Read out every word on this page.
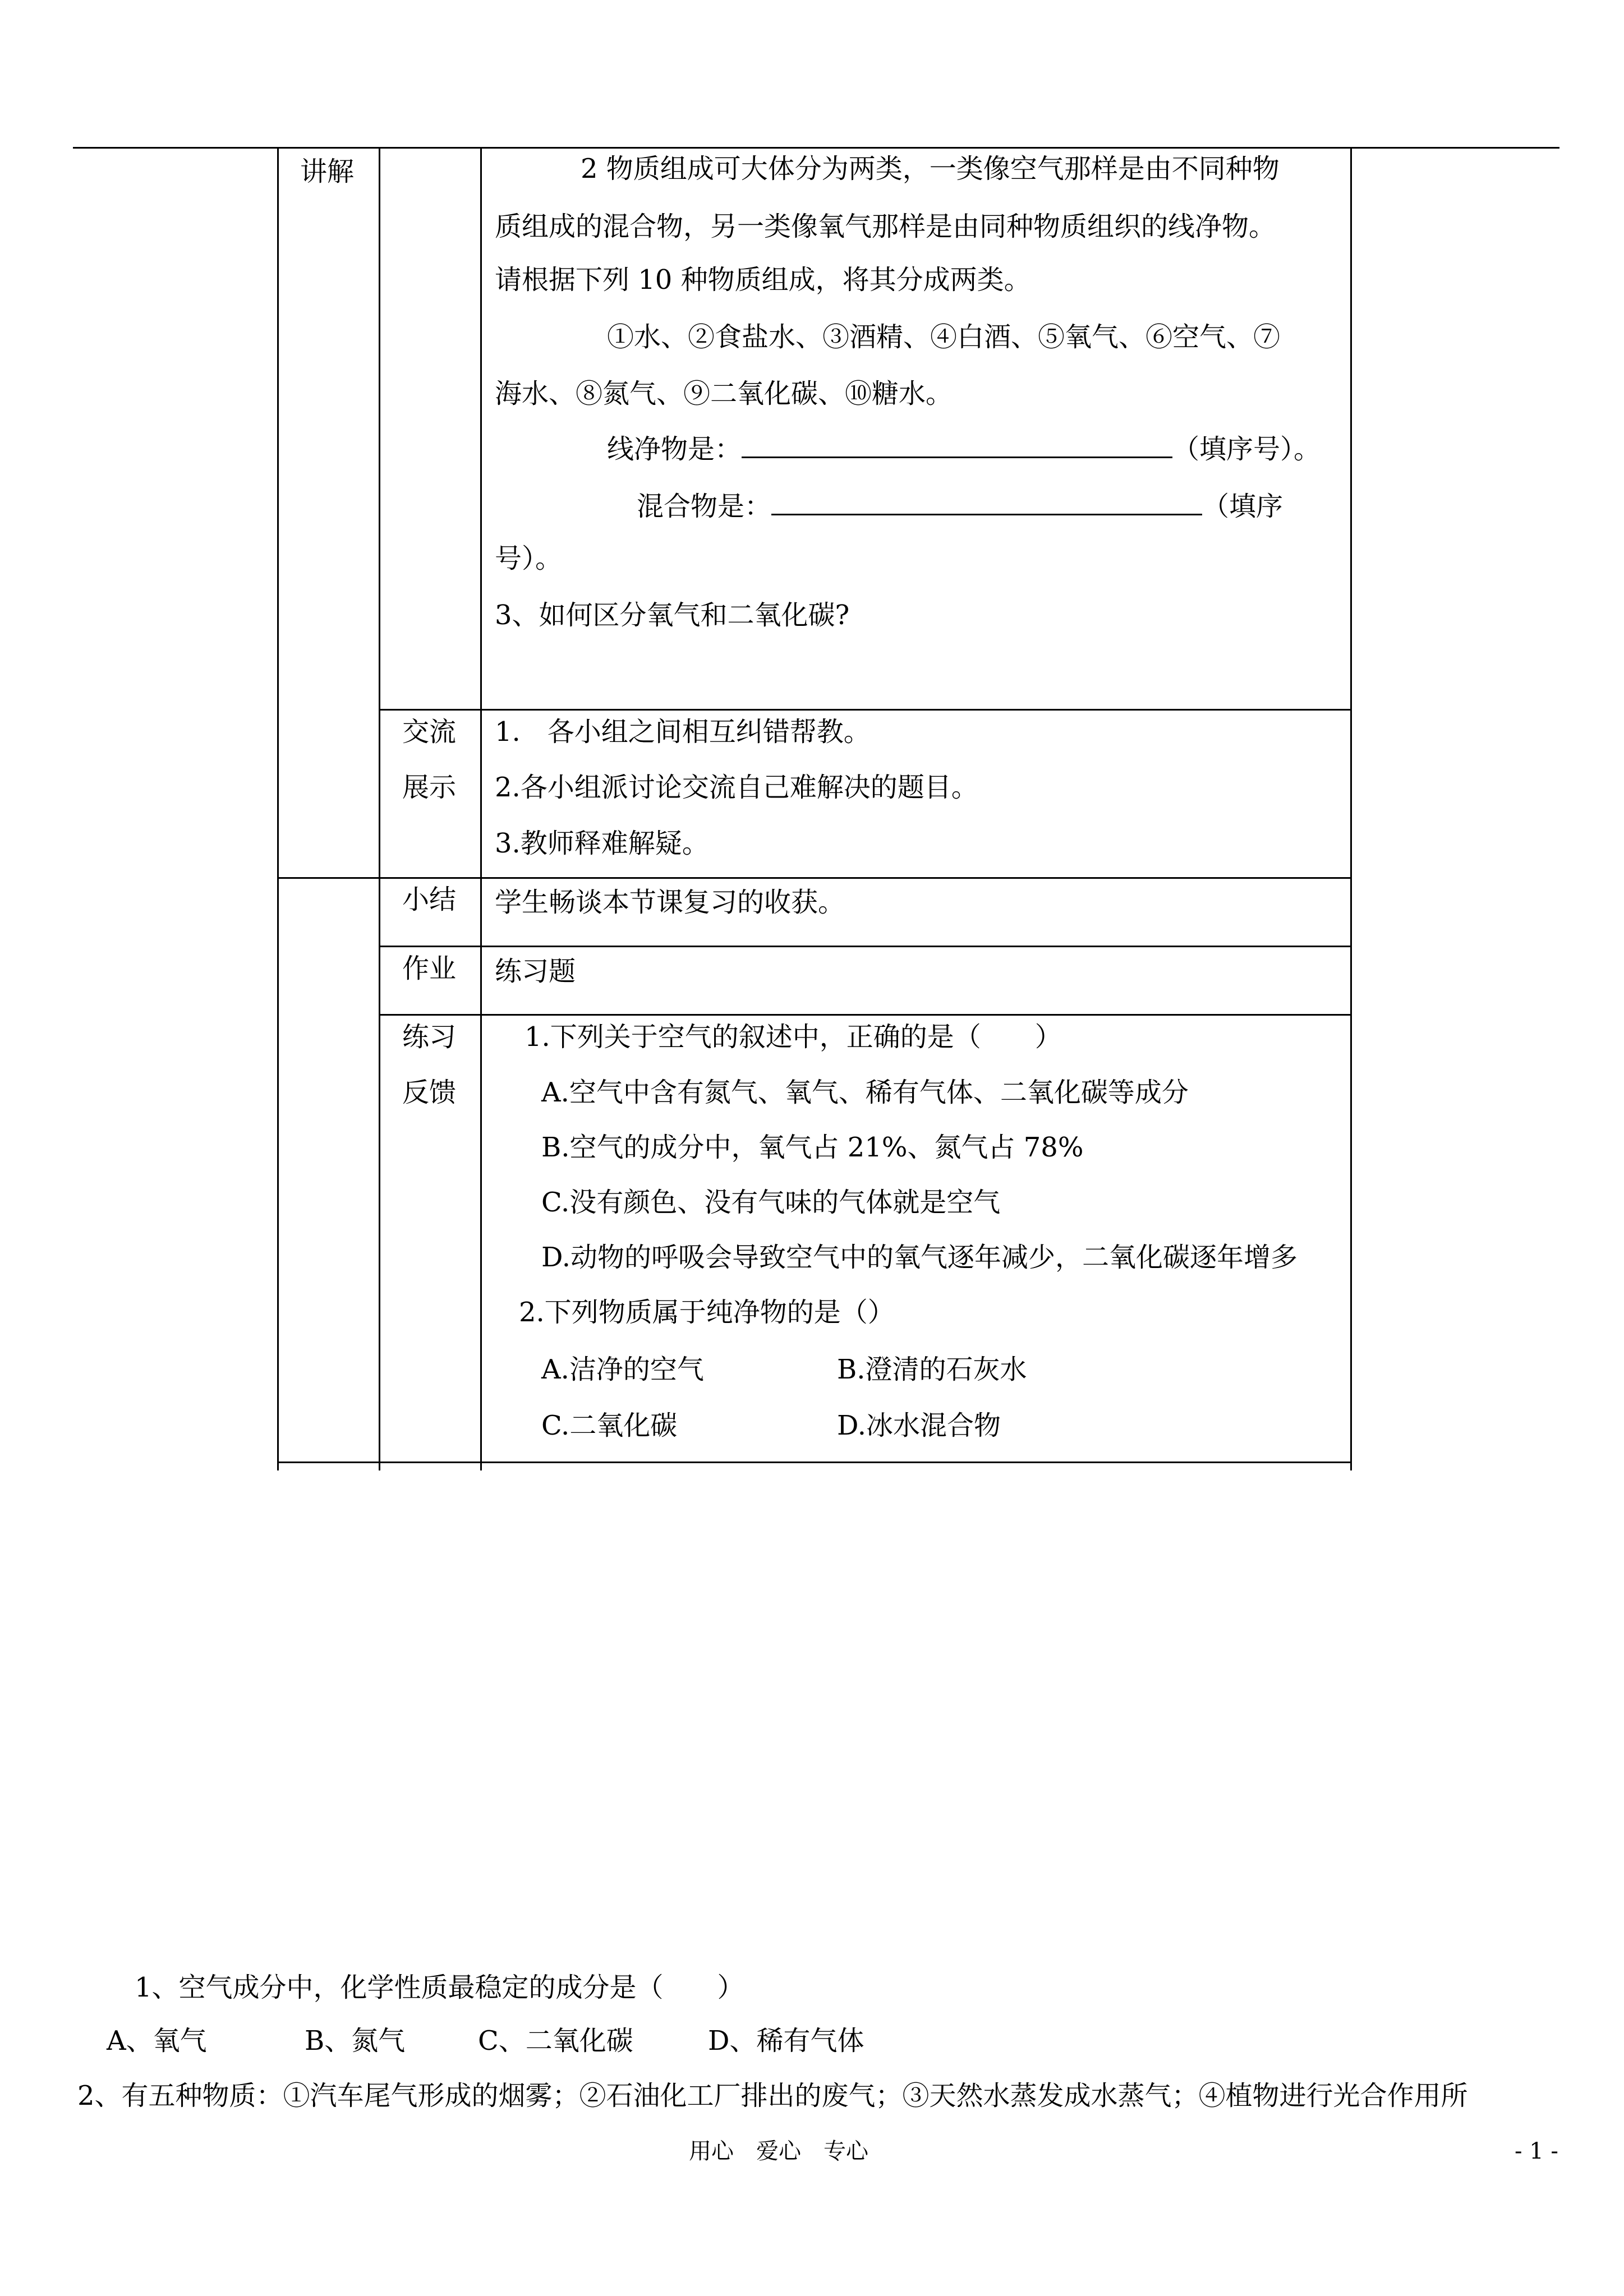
讲解	2 物质组成可大体分为两类，一类像空气那样是由不同种物
质组成的混合物，另一类像氧气那样是由同种物质组织的线净物。
请根据下列 10 种物质组成，将其分成两类。
①水、②食盐水、③酒精、④白酒、⑤氧气、⑥空气、⑦
海水、⑧氮气、⑨二氧化碳、⑩糖水。
线净物是：	（填序号）。
混合物是：	（填序
号）。
3、如何区分氧气和二氧化碳?
交流
展示
1.　各小组之间相互纠错帮教。
2.各小组派讨论交流自己难解决的题目。
3.教师释难解疑。
小结 学生畅谈本节课复习的收获。
作业 练习题
练习
反馈
1.下列关于空气的叙述中，正确的是（　　）
A.空气中含有氮气、氧气、稀有气体、二氧化碳等成分
B.空气的成分中，氧气占 21%、氮气占 78%
C.没有颜色、没有气味的气体就是空气
D.动物的呼吸会导致空气中的氧气逐年减少，二氧化碳逐年增多
2.下列物质属于纯净物的是（）
A.洁净的空气	B.澄清的石灰水
C.二氧化碳	D.冰水混合物
1、空气成分中，化学性质最稳定的成分是（　　）
A、氧气	B、氮气	C、二氧化碳	D、稀有气体
2、有五种物质：①汽车尾气形成的烟雾；②石油化工厂排出的废气；③天然水蒸发成水蒸气；④植物进行光合作用所
用心　爱心　专心	- 1 -
